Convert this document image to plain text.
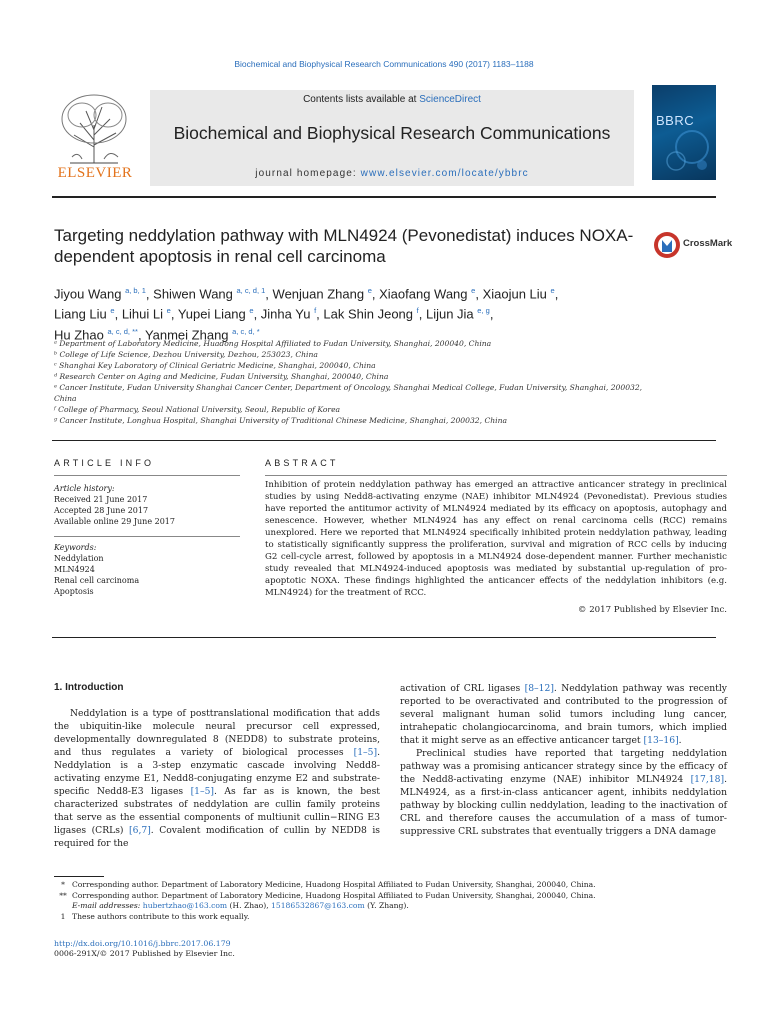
Biochemical and Biophysical Research Communications 490 (2017) 1183–1188
ELSEVIER
Contents lists available at ScienceDirect
Biochemical and Biophysical Research Communications
journal homepage: www.elsevier.com/locate/ybbrc
BBRC
Targeting neddylation pathway with MLN4924 (Pevonedistat) induces NOXA-dependent apoptosis in renal cell carcinoma
CrossMark
Jiyou Wang $^{a, b, 1}$, Shiwen Wang $^{a, c, d, 1}$, Wenjuan Zhang $^e$, Xiaofang Wang $^e$, Xiaojun Liu $^e$,
Liang Liu $^e$, Lihui Li $^e$, Yupei Liang $^e$, Jinha Yu $^f$, Lak Shin Jeong $^f$, Lijun Jia $^{e, g}$,
Hu Zhao $^{a, c, d, **}$, Yanmei Zhang $^{a, c, d, *}$
ᵃ Department of Laboratory Medicine, Huadong Hospital Affiliated to Fudan University, Shanghai, 200040, China
ᵇ College of Life Science, Dezhou University, Dezhou, 253023, China
ᶜ Shanghai Key Laboratory of Clinical Geriatric Medicine, Shanghai, 200040, China
ᵈ Research Center on Aging and Medicine, Fudan University, Shanghai, 200040, China
ᵉ Cancer Institute, Fudan University Shanghai Cancer Center, Department of Oncology, Shanghai Medical College, Fudan University, Shanghai, 200032, China
ᶠ College of Pharmacy, Seoul National University, Seoul, Republic of Korea
ᵍ Cancer Institute, Longhua Hospital, Shanghai University of Traditional Chinese Medicine, Shanghai, 200032, China
ARTICLE INFO
Article history:
Received 21 June 2017
Accepted 28 June 2017
Available online 29 June 2017
Keywords:
Neddylation
MLN4924
Renal cell carcinoma
Apoptosis
ABSTRACT
Inhibition of protein neddylation pathway has emerged an attractive anticancer strategy in preclinical studies by using Nedd8-activating enzyme (NAE) inhibitor MLN4924 (Pevonedistat). Previous studies have reported the antitumor activity of MLN4924 mediated by its efficacy on apoptosis, autophagy and senescence. However, whether MLN4924 has any effect on renal carcinoma cells (RCC) remains unexplored. Here we reported that MLN4924 specifically inhibited protein neddylation pathway, leading to statistically significantly suppress the proliferation, survival and migration of RCC cells by inducing G2 cell-cycle arrest, followed by apoptosis in a MLN4924 dose-dependent manner. Further mechanistic study revealed that MLN4924-induced apoptosis was mediated by substantial up-regulation of pro-apoptotic NOXA. These findings highlighted the anticancer effects of the neddylation inhibitors (e.g. MLN4924) for the treatment of RCC.
© 2017 Published by Elsevier Inc.
1. Introduction

Neddylation is a type of posttranslational modification that adds the ubiquitin-like molecule neural precursor cell expressed, developmentally downregulated 8 (NEDD8) to substrate proteins, and thus regulates a variety of biological processes [1–5]. Neddylation is a 3-step enzymatic cascade involving Nedd8-activating enzyme E1, Nedd8-conjugating enzyme E2 and substrate-specific Nedd8-E3 ligases [1–5]. As far as is known, the best characterized substrates of neddylation are cullin family proteins that serve as the essential components of multiunit cullin−RING E3 ligases (CRLs) [6,7]. Covalent modification of cullin by NEDD8 is required for the

activation of CRL ligases [8–12]. Neddylation pathway was recently reported to be overactivated and contributed to the progression of several malignant human solid tumors including lung cancer, intrahepatic cholangiocarcinoma, and brain tumors, which implied that it might serve as an effective anticancer target [13–16].

Preclinical studies have reported that targeting neddylation pathway was a promising anticancer strategy since by the efficacy of the Nedd8-activating enzyme (NAE) inhibitor MLN4924 [17,18]. MLN4924, as a first-in-class anticancer agent, inhibits neddylation pathway by blocking cullin neddylation, leading to the inactivation of CRL and therefore causes the accumulation of a mass of tumor-suppressive CRL substrates that eventually triggers a DNA damage

* Corresponding author. Department of Laboratory Medicine, Huadong Hospital Affiliated to Fudan University, Shanghai, 200040, China.
** Corresponding author. Department of Laboratory Medicine, Huadong Hospital Affiliated to Fudan University, Shanghai, 200040, China.
E-mail addresses: hubertzhao@163.com (H. Zhao), 15186532867@163.com (Y. Zhang).
1 These authors contribute to this work equally.
http://dx.doi.org/10.1016/j.bbrc.2017.06.179
0006-291X/© 2017 Published by Elsevier Inc.
